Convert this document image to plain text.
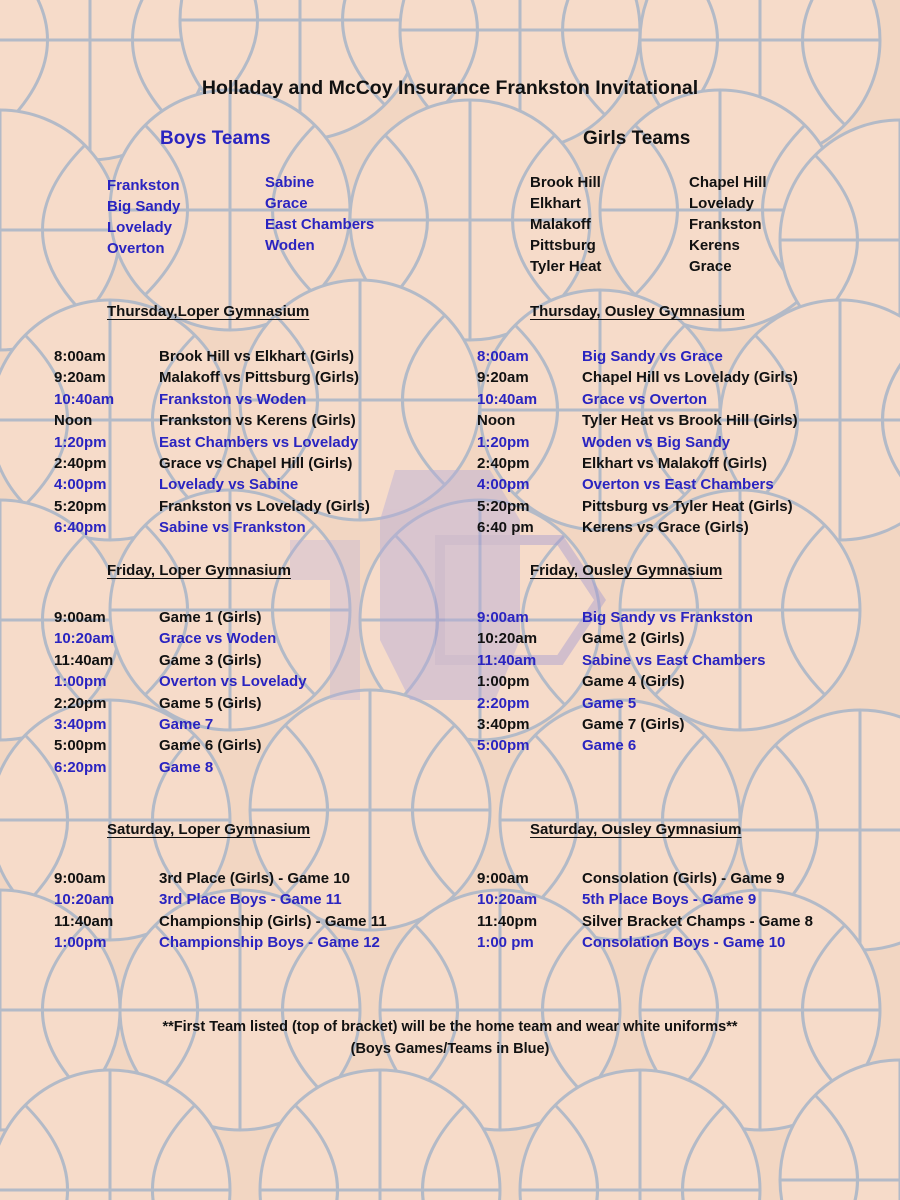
Holladay and McCoy Insurance Frankston Invitational
Boys Teams	Girls Teams
Frankston
Big Sandy
Lovelady
Overton
Sabine
Grace
East Chambers
Woden
Brook Hill
Elkhart
Malakoff
Pittsburg
Tyler Heat
Chapel Hill
Lovelady
Frankston
Kerens
Grace
**First Team listed (top of bracket) will be the home team and wear white uniforms**
(Boys Games/Teams in Blue)
Thursday,Loper Gymnasium
8:00am	Brook Hill vs Elkhart (Girls)
9:20am	Malakoff vs Pittsburg (Girls)
10:40am	Frankston vs Woden
Noon	Frankston vs Kerens (Girls)
1:20pm	East Chambers vs Lovelady
2:40pm	Grace vs Chapel Hill (Girls)
4:00pm	Lovelady vs Sabine
5:20pm	Frankston vs Lovelady (Girls)
6:40pm	Sabine vs Frankston
Thursday, Ousley Gymnasium
8:00am	Big Sandy vs Grace
9:20am	Chapel Hill vs Lovelady (Girls)
10:40am	Grace vs Overton
Noon	Tyler Heat vs Brook Hill (Girls)
1:20pm	Woden vs Big Sandy
2:40pm	Elkhart vs Malakoff (Girls)
4:00pm	Overton vs East Chambers
5:20pm	Pittsburg vs Tyler Heat (Girls)
6:40 pm	Kerens vs Grace (Girls)
Friday, Loper Gymnasium
9:00am	Game 1 (Girls)
10:20am	Grace vs Woden
11:40am	Game 3 (Girls)
1:00pm	Overton vs Lovelady
2:20pm	Game 5 (Girls)
3:40pm	Game 7
5:00pm	Game 6 (Girls)
6:20pm	Game 8
Friday, Ousley Gymnasium
9:00am	Big Sandy vs Frankston
10:20am	Game 2 (Girls)
11:40am	Sabine vs East Chambers
1:00pm	Game 4 (Girls)
2:20pm	Game 5
3:40pm	Game 7 (Girls)
5:00pm	Game 6
Saturday, Loper Gymnasium
9:00am	3rd Place (Girls) - Game 10
10:20am	3rd Place Boys - Game 11
11:40am	Championship (Girls) - Game 11
1:00pm	Championship Boys - Game 12
Saturday, Ousley Gymnasium
9:00am	Consolation (Girls) - Game 9
10:20am	5th Place Boys - Game 9
11:40pm	Silver Bracket Champs - Game 8
1:00 pm	Consolation Boys - Game 10
